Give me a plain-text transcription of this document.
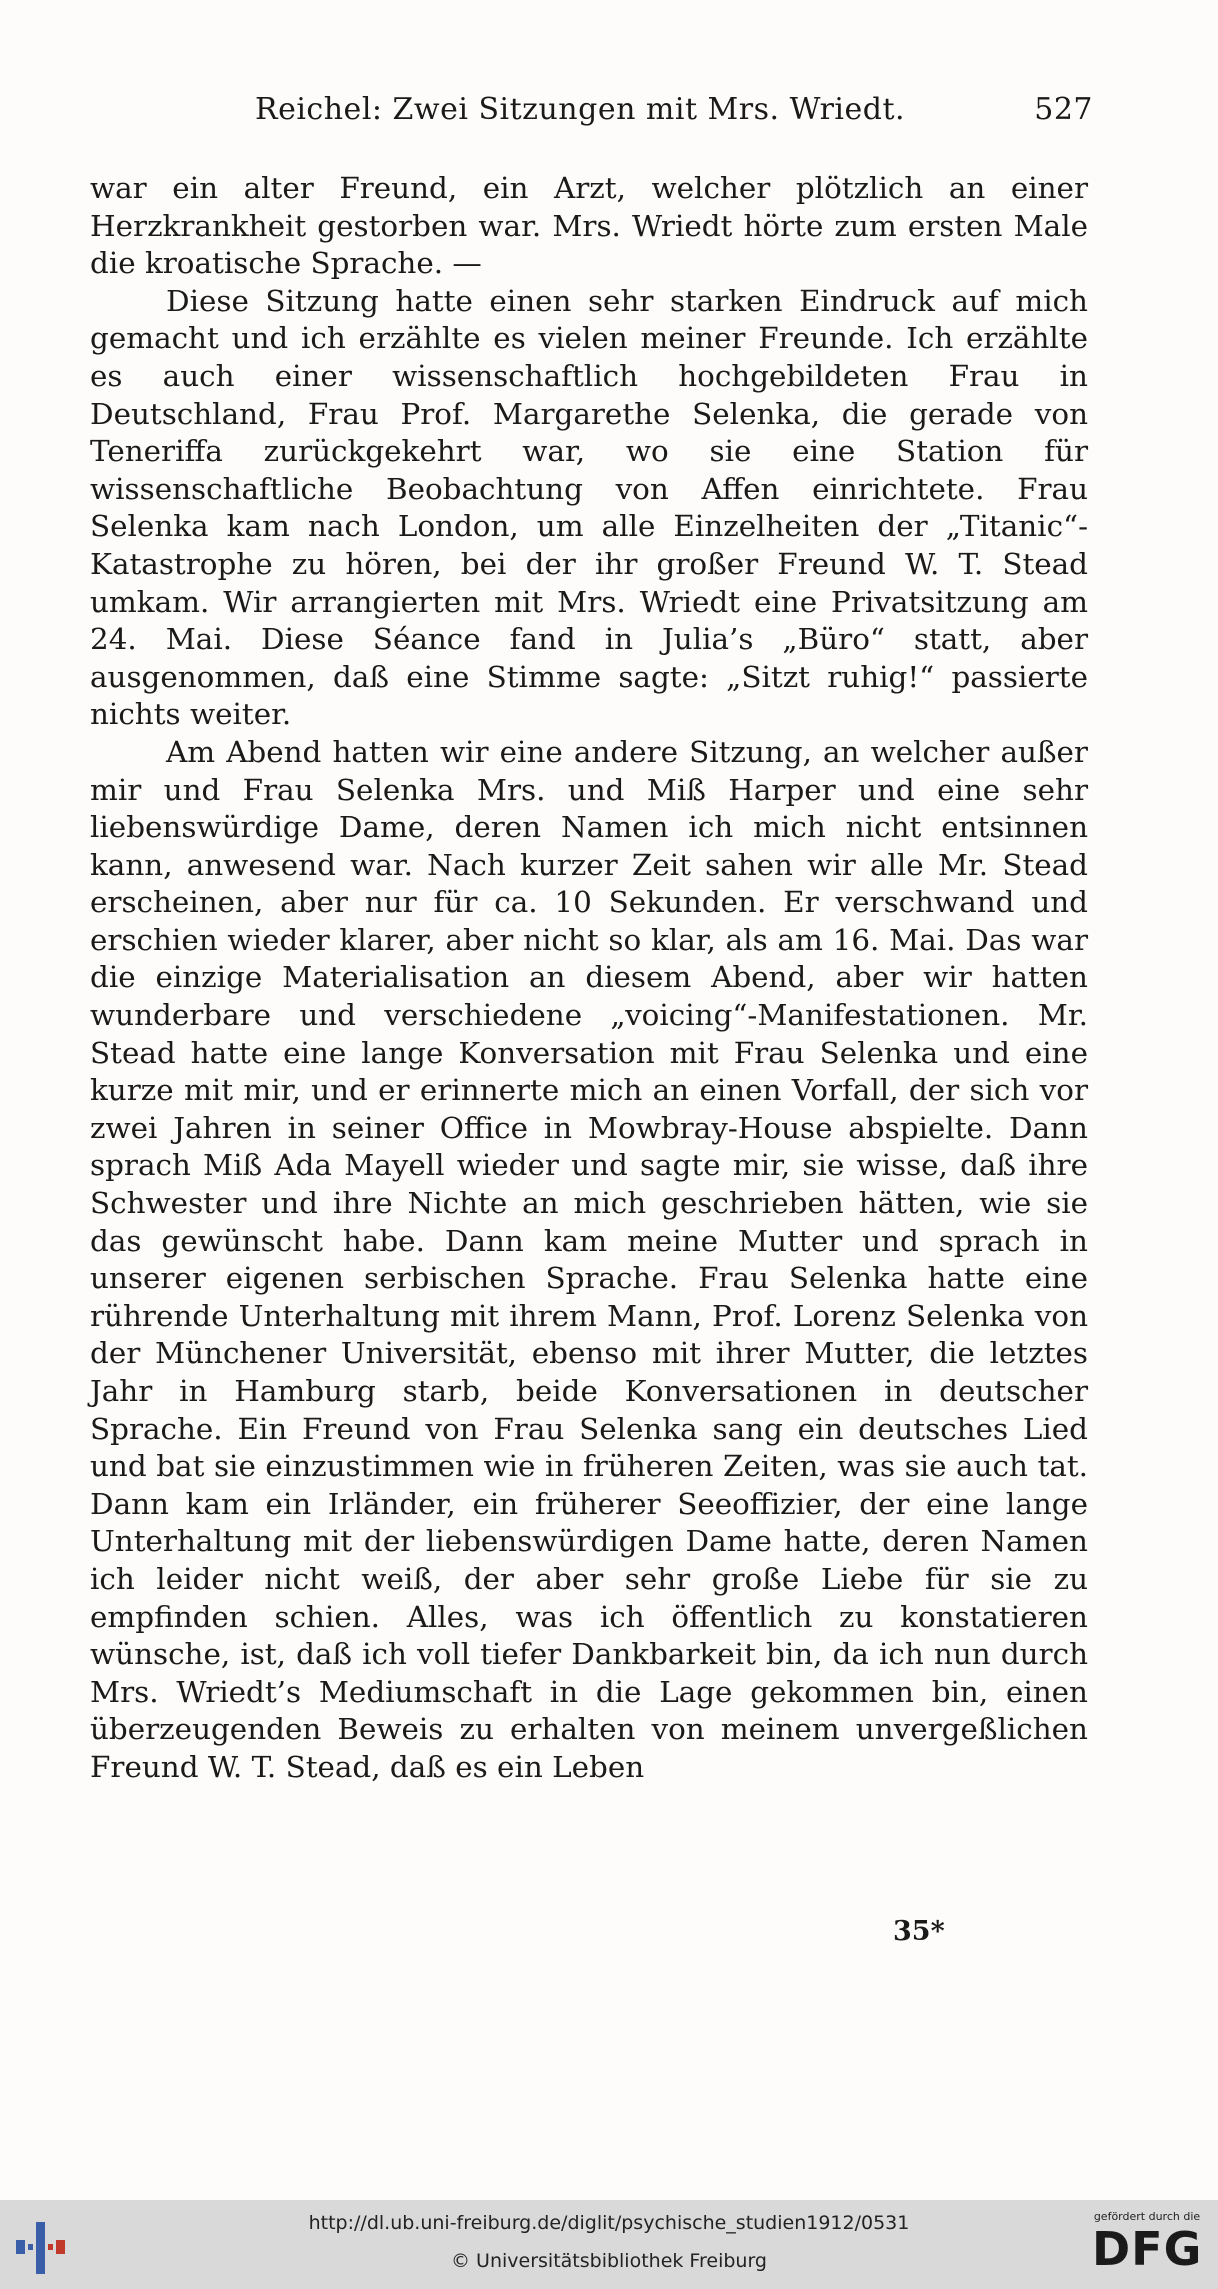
Reichel: Zwei Sitzungen mit Mrs. Wriedt.	527

war ein alter Freund, ein Arzt, welcher plötzlich an einer Herzkrankheit gestorben war. Mrs. Wriedt hörte zum ersten Male die kroatische Sprache. —

Diese Sitzung hatte einen sehr starken Eindruck auf mich gemacht und ich erzählte es vielen meiner Freunde. Ich erzählte es auch einer wissenschaftlich hochgebildeten Frau in Deutschland, Frau Prof. Margarethe Selenka, die gerade von Teneriffa zurückgekehrt war, wo sie eine Station für wissenschaftliche Beobachtung von Affen einrichtete. Frau Selenka kam nach London, um alle Einzelheiten der „Titanic“-Katastrophe zu hören, bei der ihr großer Freund W. T. Stead umkam. Wir arrangierten mit Mrs. Wriedt eine Privatsitzung am 24. Mai. Diese Séance fand in Julia’s „Büro“ statt, aber ausgenommen, daß eine Stimme sagte: „Sitzt ruhig!“ passierte nichts weiter.

Am Abend hatten wir eine andere Sitzung, an welcher außer mir und Frau Selenka Mrs. und Miß Harper und eine sehr liebenswürdige Dame, deren Namen ich mich nicht entsinnen kann, anwesend war. Nach kurzer Zeit sahen wir alle Mr. Stead erscheinen, aber nur für ca. 10 Sekunden. Er verschwand und erschien wieder klarer, aber nicht so klar, als am 16. Mai. Das war die einzige Materialisation an diesem Abend, aber wir hatten wunderbare und verschiedene „voicing“-Manifestationen. Mr. Stead hatte eine lange Konversation mit Frau Selenka und eine kurze mit mir, und er erinnerte mich an einen Vorfall, der sich vor zwei Jahren in seiner Office in Mowbray-House abspielte. Dann sprach Miß Ada Mayell wieder und sagte mir, sie wisse, daß ihre Schwester und ihre Nichte an mich geschrieben hätten, wie sie das gewünscht habe. Dann kam meine Mutter und sprach in unserer eigenen serbischen Sprache. Frau Selenka hatte eine rührende Unterhaltung mit ihrem Mann, Prof. Lorenz Selenka von der Münchener Universität, ebenso mit ihrer Mutter, die letztes Jahr in Hamburg starb, beide Konversationen in deutscher Sprache. Ein Freund von Frau Selenka sang ein deutsches Lied und bat sie einzustimmen wie in früheren Zeiten, was sie auch tat. Dann kam ein Irländer, ein früherer Seeoffizier, der eine lange Unterhaltung mit der liebenswürdigen Dame hatte, deren Namen ich leider nicht weiß, der aber sehr große Liebe für sie zu empfinden schien. Alles, was ich öffentlich zu konstatieren wünsche, ist, daß ich voll tiefer Dankbarkeit bin, da ich nun durch Mrs. Wriedt’s Mediumschaft in die Lage gekommen bin, einen überzeugenden Beweis zu erhalten von meinem unvergeßlichen Freund W. T. Stead, daß es ein Leben

35*
http://dl.ub.uni-freiburg.de/diglit/psychische_studien1912/0531
© Universitätsbibliothek Freiburg
gefördert durch die
DFG
